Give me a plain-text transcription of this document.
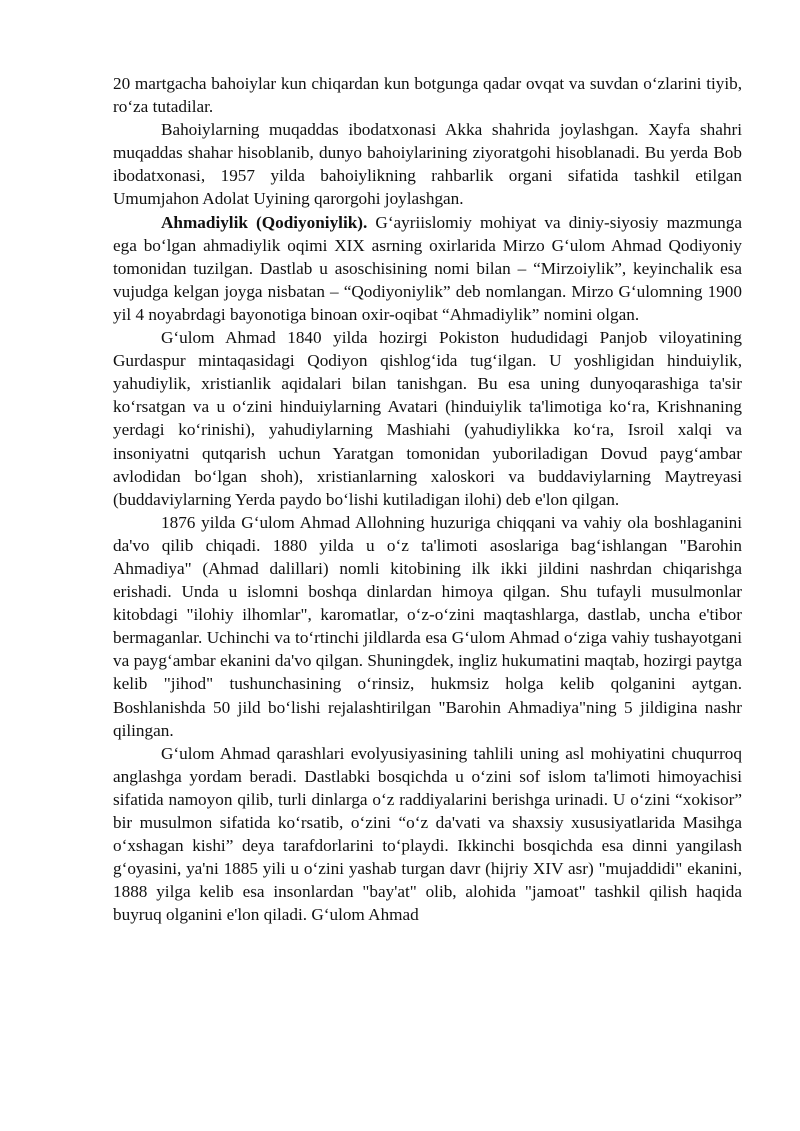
20 martgacha bahoiylar kun chiqardan kun botgunga qadar ovqat va suvdan o‘zlarini tiyib, ro‘za tutadilar.

Bahoiylarning muqaddas ibodatxonasi Akka shahrida joylashgan. Xayfa shahri muqaddas shahar hisoblanib, dunyo bahoiylarining ziyoratgohi hisoblanadi. Bu yerda Bob ibodatxonasi, 1957 yilda bahoiylikning rahbarlik organi sifatida tashkil etilgan Umumjahon Adolat Uyining qarorgohi joylashgan.

Ahmadiylik (Qodiyoniylik). G‘ayriislomiy mohiyat va diniy-siyosiy mazmunga ega bo‘lgan ahmadiylik oqimi XIX asrning oxirlarida Mirzo G‘ulom Ahmad Qodiyoniy tomonidan tuzilgan. Dastlab u asoschisining nomi bilan – “Mirzoiylik”, keyinchalik esa vujudga kelgan joyga nisbatan – “Qodiyoniylik” deb nomlangan. Mirzo G‘ulomning 1900 yil 4 noyabrdagi bayonotiga binoan oxir-oqibat “Ahmadiylik” nomini olgan.

G‘ulom Ahmad 1840 yilda hozirgi Pokiston hududidagi Panjob viloyatining Gurdaspur mintaqasidagi Qodiyon qishlog‘ida tug‘ilgan. U yoshligidan hinduiylik, yahudiylik, xristianlik aqidalari bilan tanishgan. Bu esa uning dunyoqarashiga ta'sir ko‘rsatgan va u o‘zini hinduiylarning Avatari (hinduiylik ta'limotiga ko‘ra, Krishnaning yerdagi ko‘rinishi), yahudiylarning Mashiahi (yahudiylikka ko‘ra, Isroil xalqi va insoniyatni qutqarish uchun Yaratgan tomonidan yuboriladigan Dovud payg‘ambar avlodidan bo‘lgan shoh), xristianlarning xaloskori va buddaviylarning Maytreyasi (buddaviylarning Yerda paydo bo‘lishi kutiladigan ilohi) deb e'lon qilgan.

1876 yilda G‘ulom Ahmad Allohning huzuriga chiqqani va vahiy ola boshlaganini da'vo qilib chiqadi. 1880 yilda u o‘z ta'limoti asoslariga bag‘ishlangan "Barohin Ahmadiya" (Ahmad dalillari) nomli kitobining ilk ikki jildini nashrdan chiqarishga erishadi. Unda u islomni boshqa dinlardan himoya qilgan. Shu tufayli musulmonlar kitobdagi "ilohiy ilhomlar", karomatlar, o‘z-o‘zini maqtashlarga, dastlab, uncha e'tibor bermaganlar. Uchinchi va to‘rtinchi jildlarda esa G‘ulom Ahmad o‘ziga vahiy tushayotgani va payg‘ambar ekanini da'vo qilgan. Shuningdek, ingliz hukumatini maqtab, hozirgi paytga kelib "jihod" tushunchasining o‘rinsiz, hukmsiz holga kelib qolganini aytgan. Boshlanishda 50 jild bo‘lishi rejalashtirilgan "Barohin Ahmadiya"ning 5 jildigina nashr qilingan.

G‘ulom Ahmad qarashlari evolyusiyasining tahlili uning asl mohiyatini chuqurroq anglashga yordam beradi. Dastlabki bosqichda u o‘zini sof islom ta'limoti himoyachisi sifatida namoyon qilib, turli dinlarga o‘z raddiyalarini berishga urinadi. U o‘zini “xokisor” bir musulmon sifatida ko‘rsatib, o‘zini “o‘z da'vati va shaxsiy xususiyatlarida Masihga o‘xshagan kishi” deya tarafdorlarini to‘playdi. Ikkinchi bosqichda esa dinni yangilash g‘oyasini, ya'ni 1885 yili u o‘zini yashab turgan davr (hijriy XIV asr) "mujaddidi" ekanini, 1888 yilga kelib esa insonlardan "bay'at" olib, alohida "jamoat" tashkil qilish haqida buyruq olganini e'lon qiladi. G‘ulom Ahmad
